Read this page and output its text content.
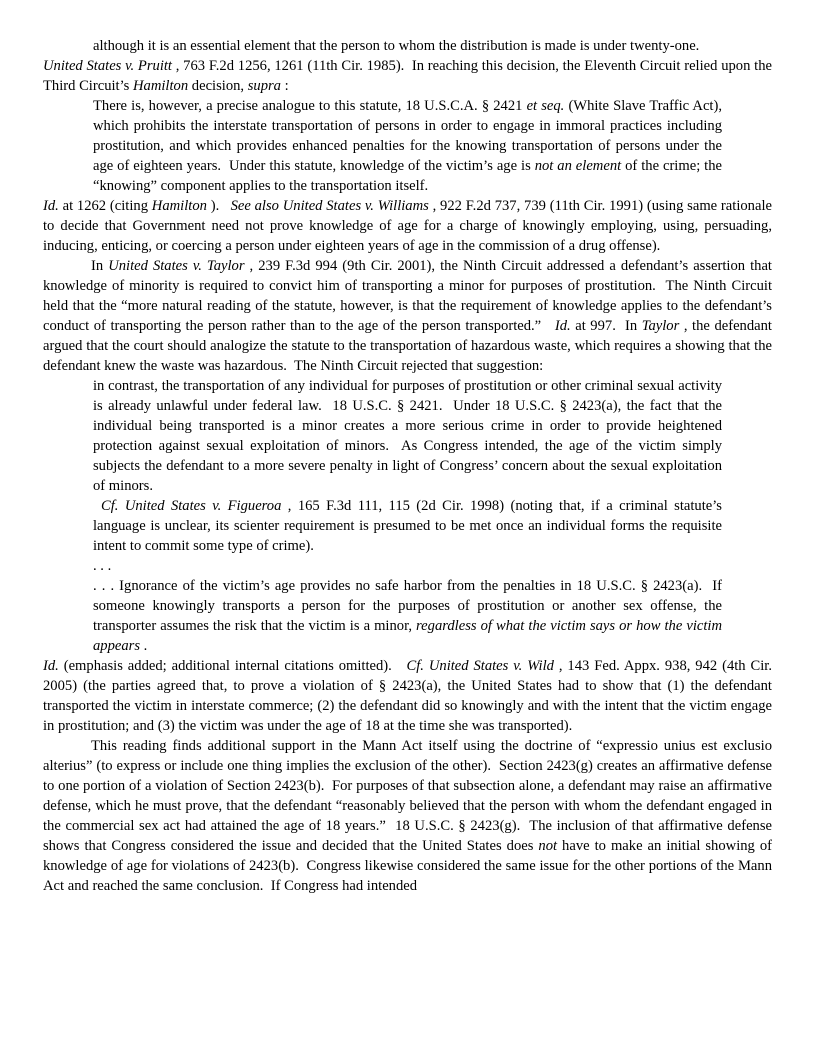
although it is an essential element that the person to whom the distribution is made is under twenty-one.

United States v. Pruitt , 763 F.2d 1256, 1261 (11th Cir. 1985).  In reaching this decision, the Eleventh Circuit relied upon the Third Circuit’s Hamilton decision, supra :

There is, however, a precise analogue to this statute, 18 U.S.C.A. § 2421 et seq. (White Slave Traffic Act), which prohibits the interstate transportation of persons in order to engage in immoral practices including prostitution, and which provides enhanced penalties for the knowing transportation of persons under the age of eighteen years.  Under this statute, knowledge of the victim’s age is not an element of the crime; the “knowing” component applies to the transportation itself.

Id. at 1262 (citing Hamilton ).   See also United States v. Williams , 922 F.2d 737, 739 (11th Cir. 1991) (using same rationale to decide that Government need not prove knowledge of age for a charge of knowingly employing, using, persuading, inducing, enticing, or coercing a person under eighteen years of age in the commission of a drug offense).

In United States v. Taylor , 239 F.3d 994 (9th Cir. 2001), the Ninth Circuit addressed a defendant’s assertion that knowledge of minority is required to convict him of transporting a minor for purposes of prostitution.  The Ninth Circuit held that the “more natural reading of the statute, however, is that the requirement of knowledge applies to the defendant’s conduct of transporting the person rather than to the age of the person transported.”   Id. at 997.  In Taylor , the defendant argued that the court should analogize the statute to the transportation of hazardous waste, which requires a showing that the defendant knew the waste was hazardous.  The Ninth Circuit rejected that suggestion:

in contrast, the transportation of any individual for purposes of prostitution or other criminal sexual activity is already unlawful under federal law.  18 U.S.C. § 2421.  Under 18 U.S.C. § 2423(a), the fact that the individual being transported is a minor creates a more serious crime in order to provide heightened protection against sexual exploitation of minors.  As Congress intended, the age of the victim simply subjects the defendant to a more severe penalty in light of Congress’ concern about the sexual exploitation of minors.

Cf. United States v. Figueroa , 165 F.3d 111, 115 (2d Cir. 1998) (noting that, if a criminal statute’s language is unclear, its scienter requirement is presumed to be met once an individual forms the requisite intent to commit some type of crime).

. . .

. . . Ignorance of the victim’s age provides no safe harbor from the penalties in 18 U.S.C. § 2423(a).  If someone knowingly transports a person for the purposes of prostitution or another sex offense, the transporter assumes the risk that the victim is a minor, regardless of what the victim says or how the victim appears .

Id. (emphasis added; additional internal citations omitted).   Cf. United States v. Wild , 143 Fed. Appx. 938, 942 (4th Cir. 2005) (the parties agreed that, to prove a violation of § 2423(a), the United States had to show that (1) the defendant transported the victim in interstate commerce; (2) the defendant did so knowingly and with the intent that the victim engage in prostitution; and (3) the victim was under the age of 18 at the time she was transported).

This reading finds additional support in the Mann Act itself using the doctrine of “expressio unius est exclusio alterius” (to express or include one thing implies the exclusion of the other).  Section 2423(g) creates an affirmative defense to one portion of a violation of Section 2423(b).  For purposes of that subsection alone, a defendant may raise an affirmative defense, which he must prove, that the defendant “reasonably believed that the person with whom the defendant engaged in the commercial sex act had attained the age of 18 years.”  18 U.S.C. § 2423(g).  The inclusion of that affirmative defense shows that Congress considered the issue and decided that the United States does not have to make an initial showing of knowledge of age for violations of 2423(b).  Congress likewise considered the same issue for the other portions of the Mann Act and reached the same conclusion.  If Congress had intended
